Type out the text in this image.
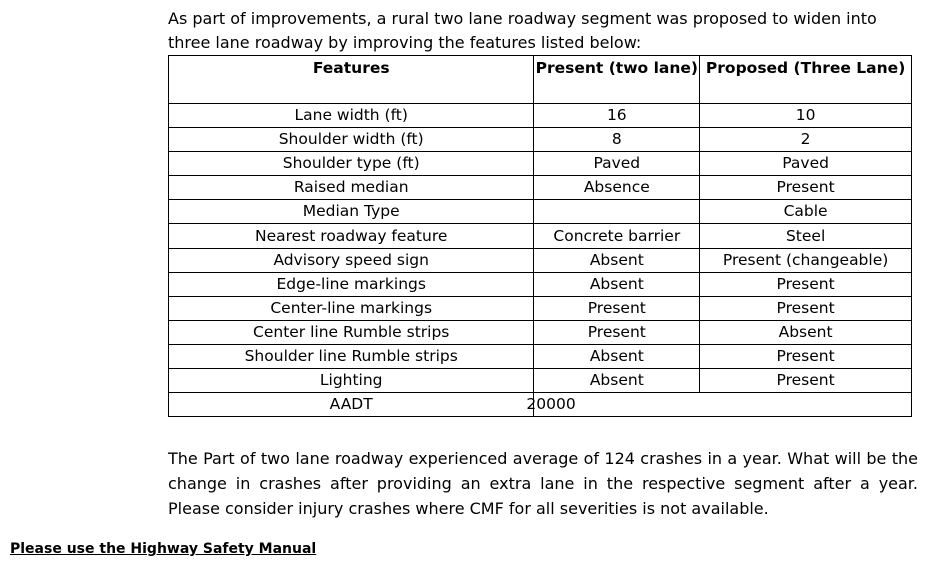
As part of improvements, a rural two lane roadway segment was proposed to widen into three lane roadway by improving the features listed below:

Features	Present (two lane)	Proposed (Three Lane)
Lane width (ft)	16	10
Shoulder width (ft)	8	2
Shoulder type (ft)	Paved	Paved
Raised median	Absence	Present
Median Type		Cable
Nearest roadway feature	Concrete barrier	Steel
Advisory speed sign	Absent	Present (changeable)
Edge-line markings	Absent	Present
Center-line markings	Present	Present
Center line Rumble strips	Present	Absent
Shoulder line Rumble strips	Absent	Present
Lighting	Absent	Present
AADT	20000	

The Part of two lane roadway experienced average of 124 crashes in a year. What will be the change in crashes after providing an extra lane in the respective segment after a year. Please consider injury crashes where CMF for all severities is not available.

Please use the Highway Safety Manual
